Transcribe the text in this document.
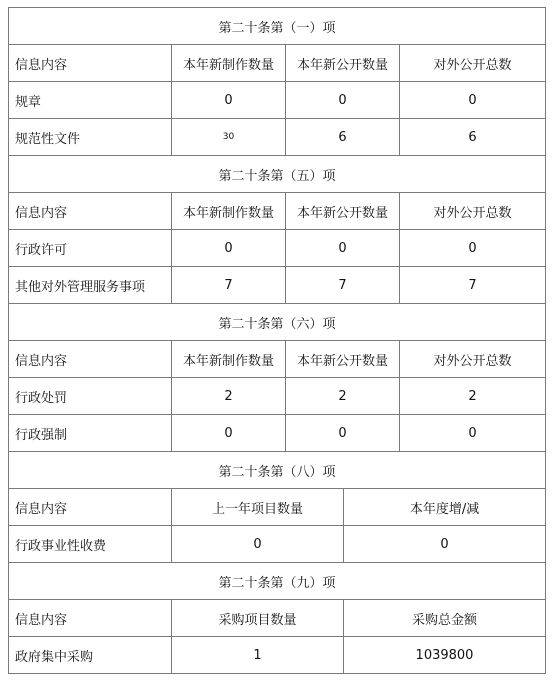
第二十条第（一）项				
信息内容	本年新制作数量	本年新公开数量		对外公开总数
规章	0	0		0
规范性文件	30	6		6
第二十条第（五）项				
信息内容	本年新制作数量	本年新公开数量		对外公开总数
行政许可	0	0		0
其他对外管理服务事项	7	7		7
第二十条第（六）项				
信息内容	本年新制作数量	本年新公开数量		对外公开总数
行政处罚	2	2		2
行政强制	0	0		0
第二十条第（八）项				
信息内容	上一年项目数量		本年度增/减	
行政事业性收费	0		0	
第二十条第（九）项				
信息内容	采购项目数量		采购总金额	
政府集中采购	1		1039800	
